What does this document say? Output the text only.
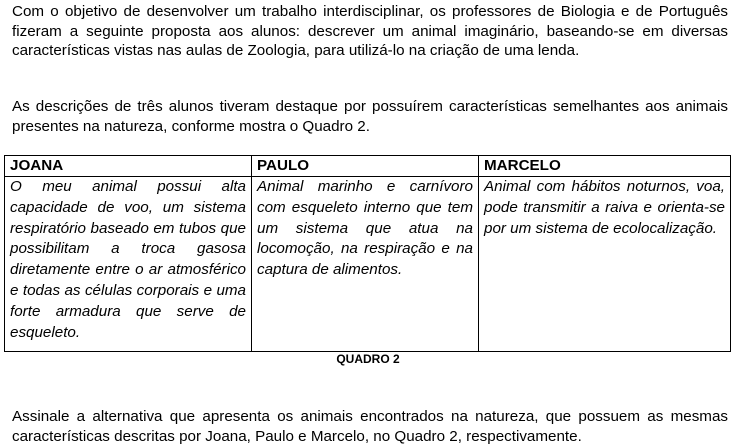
Com o objetivo de desenvolver um trabalho interdisciplinar, os professores de Biologia e de Português fizeram a seguinte proposta aos alunos: descrever um animal imaginário, baseando-se em diversas características vistas nas aulas de Zoologia, para utilizá-lo na criação de uma lenda.

As descrições de três alunos tiveram destaque por possuírem características semelhantes aos animais presentes na natureza, conforme mostra o Quadro 2.

JOANA	PAULO	MARCELO
O meu animal possui alta capacidade de voo, um sistema respiratório baseado em tubos que possibilitam a troca gasosa diretamente entre o ar atmosférico e todas as células corporais e uma forte armadura que serve de esqueleto.	Animal marinho e carnívoro com esqueleto interno que tem um sistema que atua na locomoção, na respiração e na captura de alimentos.	Animal com hábitos noturnos, voa, pode transmitir a raiva e orienta-se por um sistema de ecolocalização.
QUADRO 2

Assinale a alternativa que apresenta os animais encontrados na natureza, que possuem as mesmas características descritas por Joana, Paulo e Marcelo, no Quadro 2, respectivamente.
